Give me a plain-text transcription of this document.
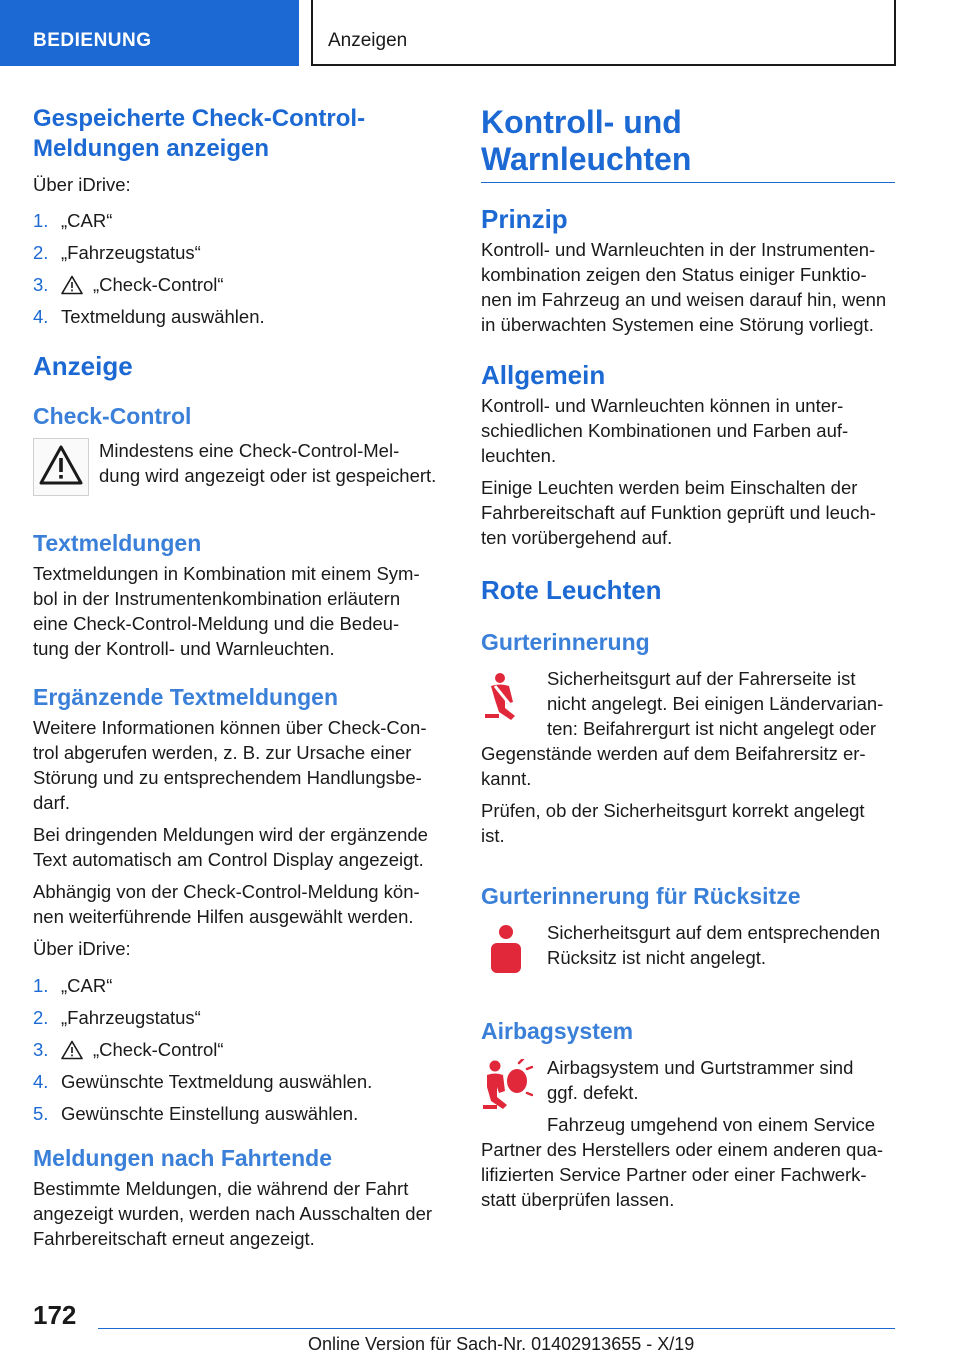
BEDIENUNG	Anzeigen
Gespeicherte Check-Control-
Meldungen anzeigen
Über iDrive:
1. „CAR“
2. „Fahrzeugstatus“
3.	„Check-Control“
4. Textmeldung auswählen.
Anzeige
Check-Control
Mindestens eine Check-Control-Mel-
dung wird angezeigt oder ist gespeichert.
Textmeldungen
Textmeldungen in Kombination mit einem Sym-
bol in der Instrumentenkombination erläutern
eine Check-Control-Meldung und die Bedeu-
tung der Kontroll- und Warnleuchten.
Ergänzende Textmeldungen
Weitere Informationen können über Check-Con-
trol abgerufen werden, z. B. zur Ursache einer
Störung und zu entsprechendem Handlungsbe-
darf.
Bei dringenden Meldungen wird der ergänzende
Text automatisch am Control Display angezeigt.
Abhängig von der Check-Control-Meldung kön-
nen weiterführende Hilfen ausgewählt werden.
Über iDrive:
1. „CAR“
2. „Fahrzeugstatus“
3.	„Check-Control“
4. Gewünschte Textmeldung auswählen.
5. Gewünschte Einstellung auswählen.
Meldungen nach Fahrtende
Bestimmte Meldungen, die während der Fahrt
angezeigt wurden, werden nach Ausschalten der
Fahrbereitschaft erneut angezeigt.
Kontroll- und
Warnleuchten
Prinzip
Kontroll- und Warnleuchten in der Instrumenten-
kombination zeigen den Status einiger Funktio-
nen im Fahrzeug an und weisen darauf hin, wenn
in überwachten Systemen eine Störung vorliegt.
Allgemein
Kontroll- und Warnleuchten können in unter-
schiedlichen Kombinationen und Farben auf-
leuchten.
Einige Leuchten werden beim Einschalten der
Fahrbereitschaft auf Funktion geprüft und leuch-
ten vorübergehend auf.
Rote Leuchten
Gurterinnerung
Sicherheitsgurt auf der Fahrerseite ist
nicht angelegt. Bei einigen Ländervarian-
ten: Beifahrergurt ist nicht angelegt oder
Gegenstände werden auf dem Beifahrersitz er-
kannt.
Prüfen, ob der Sicherheitsgurt korrekt angelegt
ist.
Gurterinnerung für Rücksitze
Sicherheitsgurt auf dem entsprechenden
Rücksitz ist nicht angelegt.
Airbagsystem
Airbagsystem und Gurtstrammer sind
ggf. defekt.
Fahrzeug umgehend von einem Service
Partner des Herstellers oder einem anderen qua-
lifizierten Service Partner oder einer Fachwerk-
statt überprüfen lassen.
172
Online Version für Sach-Nr. 01402913655 - X/19
